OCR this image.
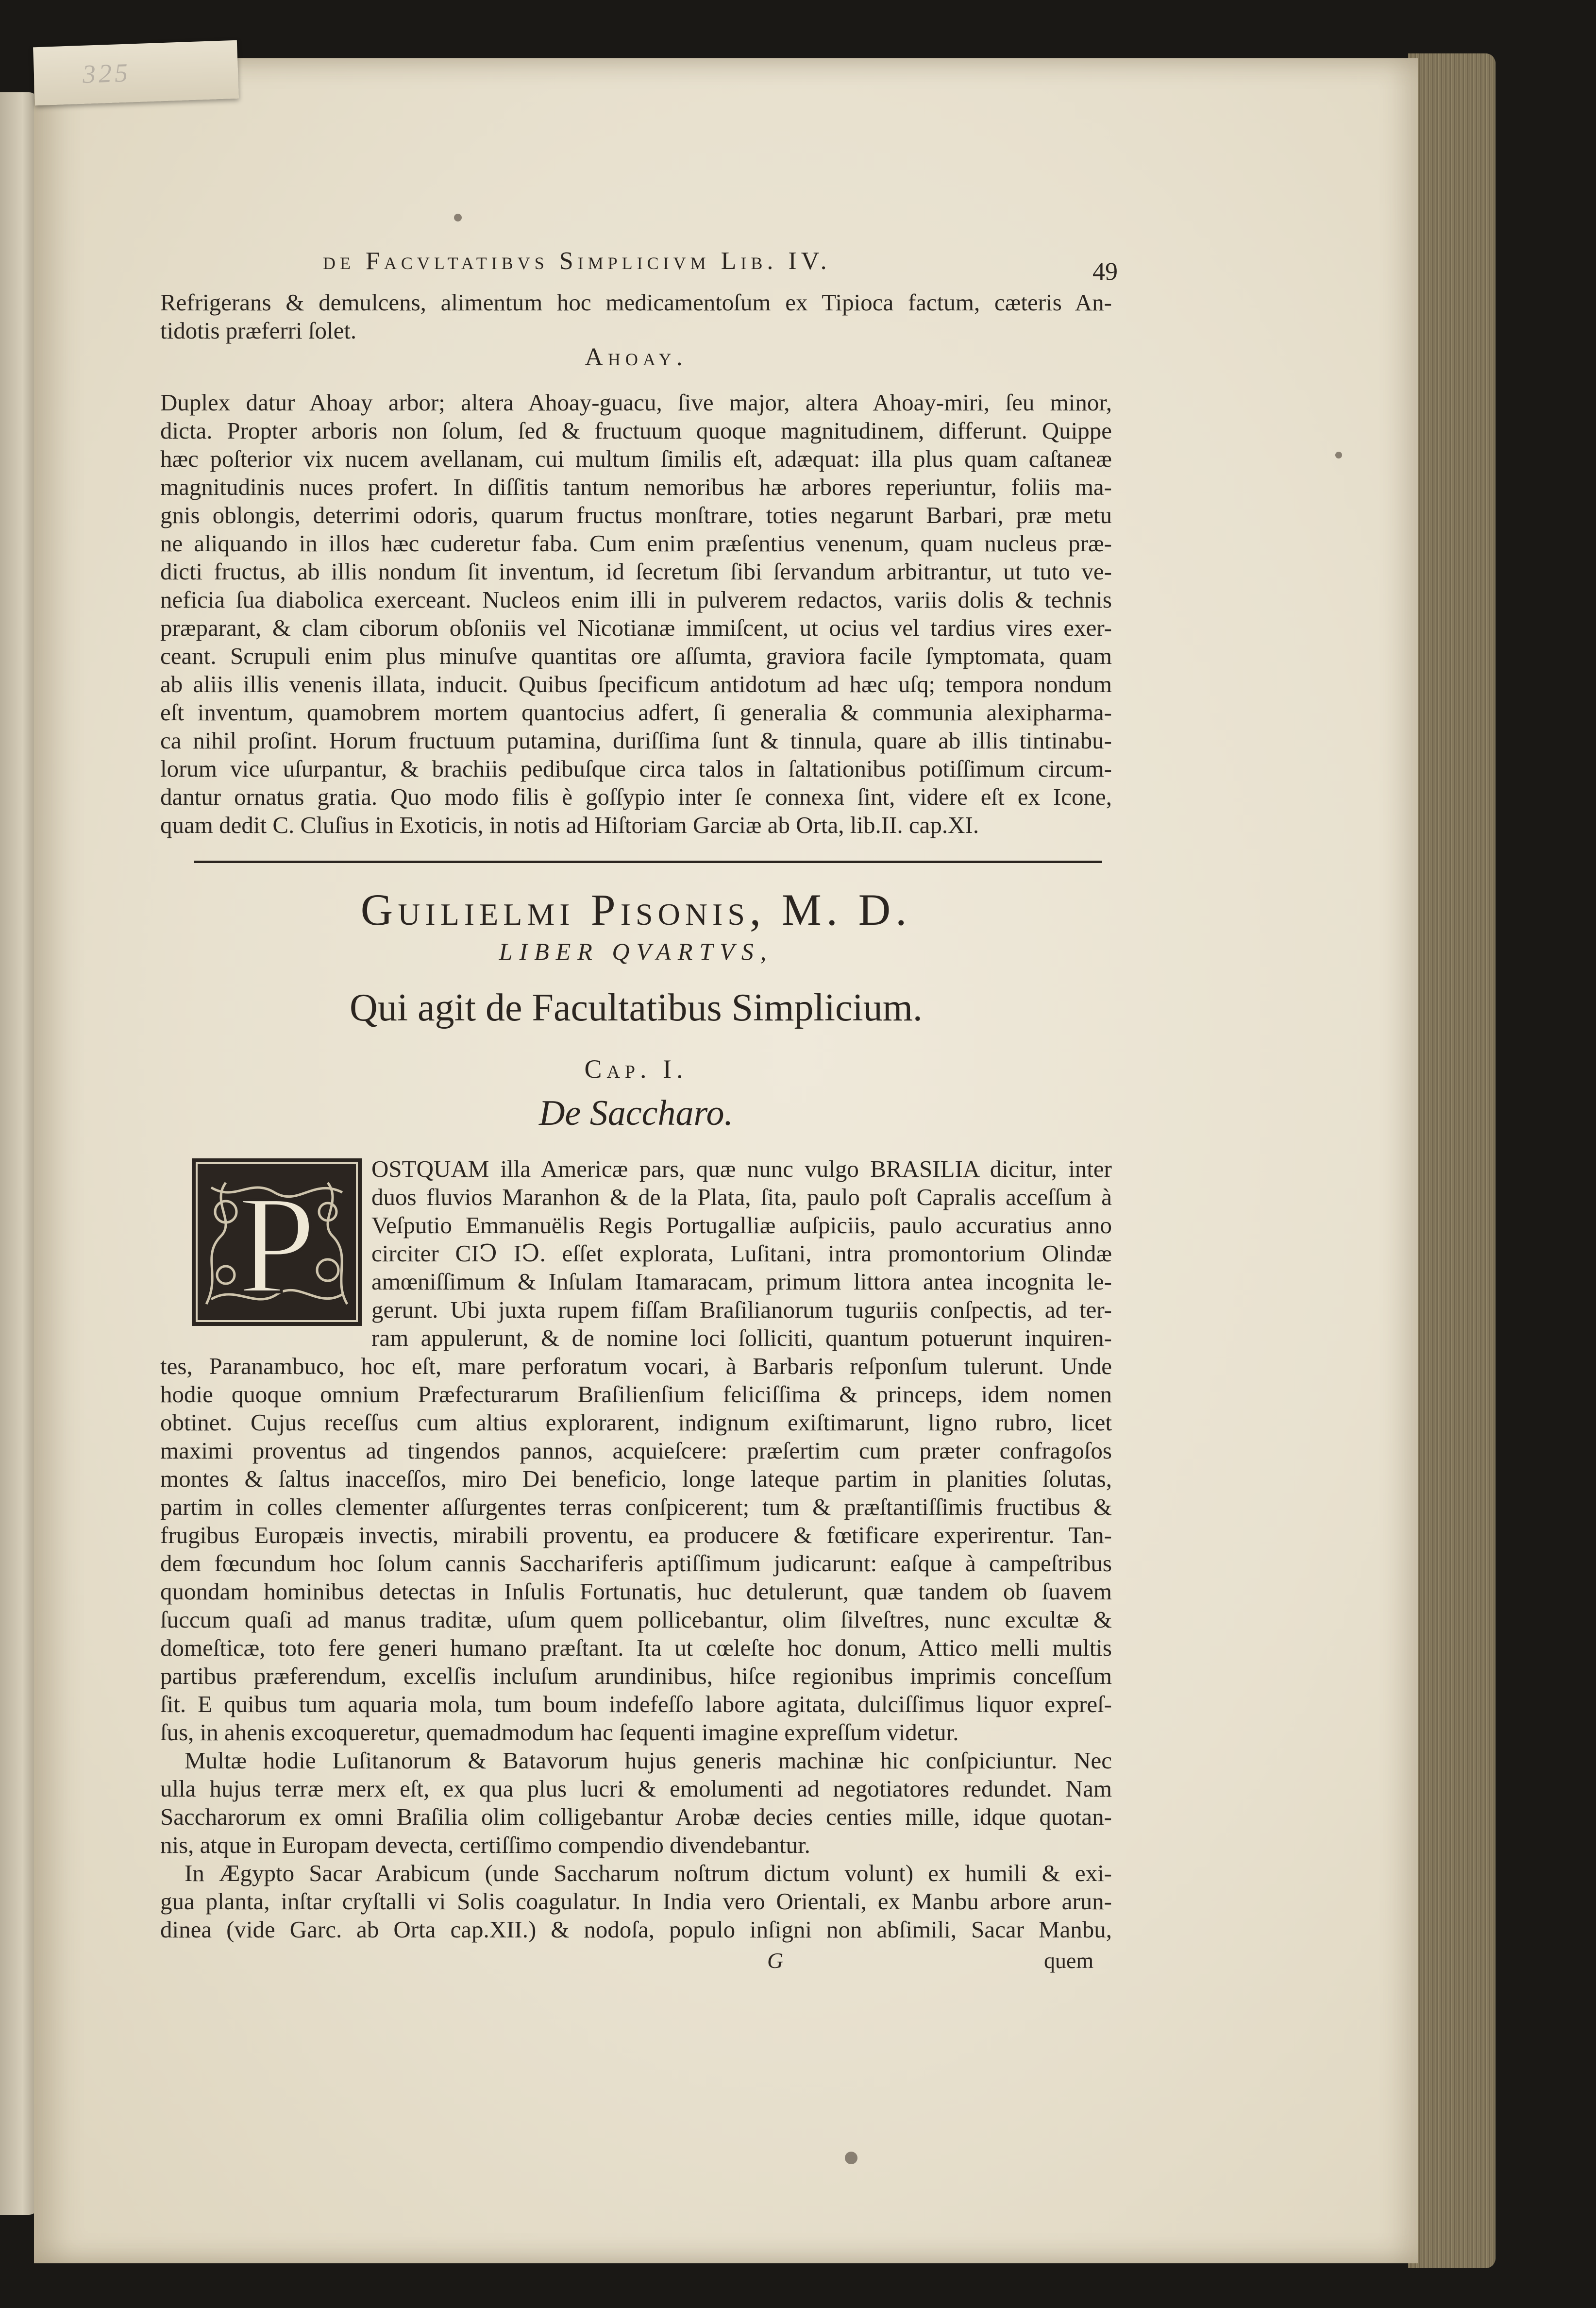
325
de Facvltatibvs Simplicivm Lib. IV.	49
Refrigerans & demulcens, alimentum hoc medicamentoſum ex Tipioca factum, cæteris An-
tidotis præferri ſolet.
Ahoay.
Duplex datur Ahoay arbor; altera Ahoay-guacu, ſive major, altera Ahoay-miri, ſeu minor,
dicta. Propter arboris non ſolum, ſed & fructuum quoque magnitudinem, differunt. Quippe
hæc poſterior vix nucem avellanam, cui multum ſimilis eſt, adæquat: illa plus quam caſtaneæ
magnitudinis nuces profert. In diſſitis tantum nemoribus hæ arbores reperiuntur, foliis ma-
gnis oblongis, deterrimi odoris, quarum fructus monſtrare, toties negarunt Barbari, præ metu
ne aliquando in illos hæc cuderetur faba. Cum enim præſentius venenum, quam nucleus præ-
dicti fructus, ab illis nondum ſit inventum, id ſecretum ſibi ſervandum arbitrantur, ut tuto ve-
neficia ſua diabolica exerceant. Nucleos enim illi in pulverem redactos, variis dolis & technis
præparant, & clam ciborum obſoniis vel Nicotianæ immiſcent, ut ocius vel tardius vires exer-
ceant. Scrupuli enim plus minuſve quantitas ore aſſumta, graviora facile ſymptomata, quam
ab aliis illis venenis illata, inducit. Quibus ſpecificum antidotum ad hæc uſq; tempora nondum
eſt inventum, quamobrem mortem quantocius adfert, ſi generalia & communia alexipharma-
ca nihil proſint. Horum fructuum putamina, duriſſima ſunt & tinnula, quare ab illis tintinabu-
lorum vice uſurpantur, & brachiis pedibuſque circa talos in ſaltationibus potiſſimum circum-
dantur ornatus gratia. Quo modo filis è goſſypio inter ſe connexa ſint, videre eſt ex Icone,
quam dedit C. Cluſius in Exoticis, in notis ad Hiſtoriam Garciæ ab Orta, lib.II. cap.XI.
Guilielmi Pisonis, M. D.
LIBER QVARTVS,
Qui agit de Facultatibus Simplicium.
Cap. I.
De Saccharo.
P OSTQUAM illa Americæ pars, quæ nunc vulgo BRASILIA dicitur, inter
duos fluvios Maranhon & de la Plata, ſita, paulo poſt Capralis acceſſum à
Veſputio Emmanuëlis Regis Portugalliæ auſpiciis, paulo accuratius anno
circiter CIↃ IↃ. eſſet explorata, Luſitani, intra promontorium Olindæ
amœniſſimum & Inſulam Itamaracam, primum littora antea incognita le-
gerunt. Ubi juxta rupem fiſſam Braſilianorum tuguriis conſpectis, ad ter-
ram appulerunt, & de nomine loci ſolliciti, quantum potuerunt inquiren-
tes, Paranambuco, hoc eſt, mare perforatum vocari, à Barbaris reſponſum tulerunt. Unde
hodie quoque omnium Præfecturarum Braſilienſium feliciſſima & princeps, idem nomen
obtinet. Cujus receſſus cum altius explorarent, indignum exiſtimarunt, ligno rubro, licet
maximi proventus ad tingendos pannos, acquieſcere: præſertim cum præter confragoſos
montes & ſaltus inacceſſos, miro Dei beneficio, longe lateque partim in planities ſolutas,
partim in colles clementer aſſurgentes terras conſpicerent; tum & præſtantiſſimis fructibus &
frugibus Europæis invectis, mirabili proventu, ea producere & fœtificare experirentur. Tan-
dem fœcundum hoc ſolum cannis Sacchariferis aptiſſimum judicarunt: eaſque à campeſtribus
quondam hominibus detectas in Inſulis Fortunatis, huc detulerunt, quæ tandem ob ſuavem
ſuccum quaſi ad manus traditæ, uſum quem pollicebantur, olim ſilveſtres, nunc excultæ &
domeſticæ, toto fere generi humano præſtant. Ita ut cœleſte hoc donum, Attico melli multis
partibus præferendum, excelſis incluſum arundinibus, hiſce regionibus imprimis conceſſum
ſit. E quibus tum aquaria mola, tum boum indefeſſo labore agitata, dulciſſimus liquor expreſ-
ſus, in ahenis excoqueretur, quemadmodum hac ſequenti imagine expreſſum videtur.
Multæ hodie Luſitanorum & Batavorum hujus generis machinæ hic conſpiciuntur. Nec
ulla hujus terræ merx eſt, ex qua plus lucri & emolumenti ad negotiatores redundet. Nam
Saccharorum ex omni Braſilia olim colligebantur Arobæ decies centies mille, idque quotan-
nis, atque in Europam devecta, certiſſimo compendio divendebantur.
In Ægypto Sacar Arabicum (unde Saccharum noſtrum dictum volunt) ex humili & exi-
gua planta, inſtar cryſtalli vi Solis coagulatur. In India vero Orientali, ex Manbu arbore arun-
dinea (vide Garc. ab Orta cap.XII.) & nodoſa, populo inſigni non abſimili, Sacar Manbu,
G	quem
